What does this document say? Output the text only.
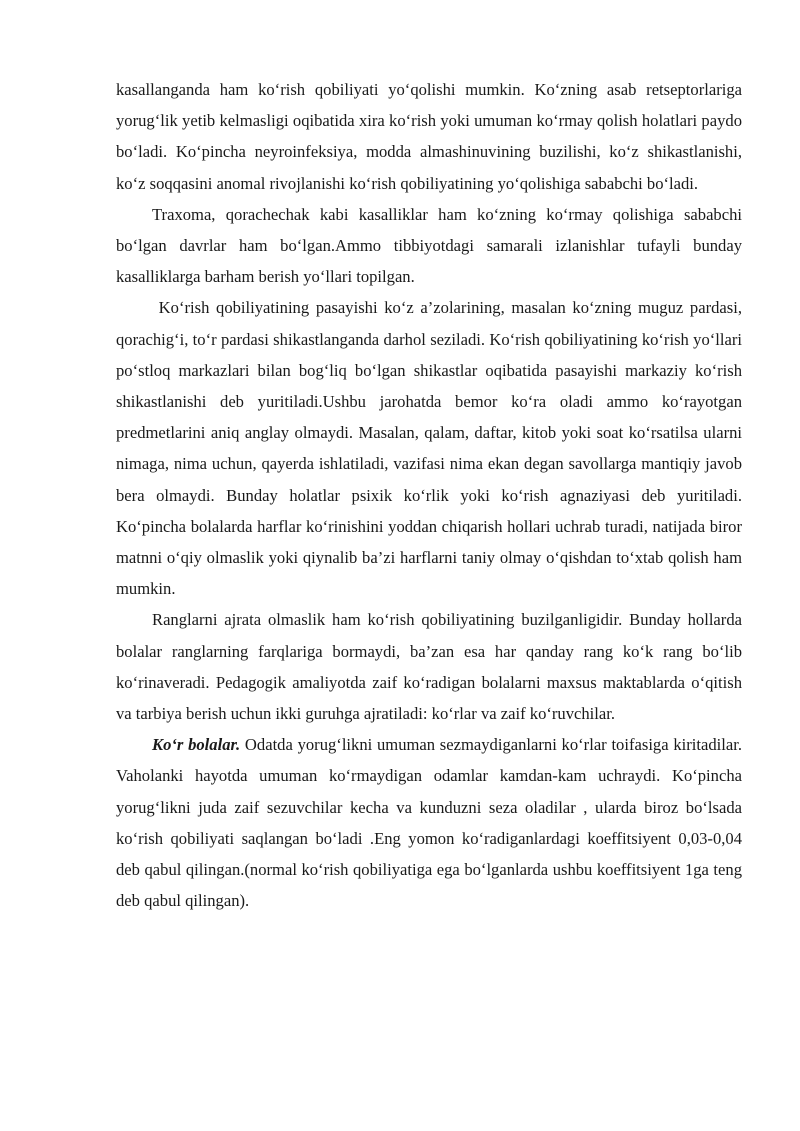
kasallanganda ham ko‘rish qobiliyati yo‘qolishi mumkin. Ko‘zning asab retseptorlariga yorug‘lik yetib kelmasligi oqibatida xira ko‘rish yoki umuman ko‘rmay qolish holatlari paydo bo‘ladi. Ko‘pincha neyroinfeksiya, modda almashinuvining buzilishi, ko‘z shikastlanishi, ko‘z soqqasini anomal rivojlanishi ko‘rish qobiliyatining yo‘qolishiga sababchi bo‘ladi.

Traxoma, qorachechak kabi kasalliklar ham ko‘zning ko‘rmay qolishiga sababchi bo‘lgan davrlar ham bo‘lgan.Ammo tibbiyotdagi samarali izlanishlar tufayli bunday kasalliklarga barham berish yo‘llari topilgan.

Ko‘rish qobiliyatining pasayishi ko‘z a’zolarining, masalan ko‘zning muguz pardasi, qorachig‘i, to‘r pardasi shikastlanganda darhol seziladi. Ko‘rish qobiliyatining ko‘rish yo‘llari po‘stloq markazlari bilan bog‘liq bo‘lgan shikastlar oqibatida pasayishi markaziy ko‘rish shikastlanishi deb yuritiladi.Ushbu jarohatda bemor ko‘ra oladi ammo ko‘rayotgan predmetlarini aniq anglay olmaydi. Masalan, qalam, daftar, kitob yoki soat ko‘rsatilsa ularni nimaga, nima uchun, qayerda ishlatiladi, vazifasi nima ekan degan savollarga mantiqiy javob bera olmaydi. Bunday holatlar psixik ko‘rlik yoki ko‘rish agnaziyasi deb yuritiladi. Ko‘pincha bolalarda harflar ko‘rinishini yoddan chiqarish hollari uchrab turadi, natijada biror matnni o‘qiy olmaslik yoki qiynalib ba’zi harflarni taniy olmay o‘qishdan to‘xtab qolish ham mumkin.

Ranglarni ajrata olmaslik ham ko‘rish qobiliyatining buzilganligidir. Bunday hollarda bolalar ranglarning farqlariga bormaydi, ba’zan esa har qanday rang ko‘k rang bo‘lib ko‘rinaveradi. Pedagogik amaliyotda zaif ko‘radigan bolalarni maxsus maktablarda o‘qitish va tarbiya berish uchun ikki guruhga ajratiladi: ko‘rlar va zaif ko‘ruvchilar.

Ko‘r bolalar. Odatda yorug‘likni umuman sezmaydiganlarni ko‘rlar toifasiga kiritadilar. Vaholanki hayotda umuman ko‘rmaydigan odamlar kamdan-kam uchraydi. Ko‘pincha yorug‘likni juda zaif sezuvchilar kecha va kunduzni seza oladilar , ularda biroz bo‘lsada ko‘rish qobiliyati saqlangan bo‘ladi .Eng yomon ko‘radiganlardagi koeffitsiyent 0,03-0,04 deb qabul qilingan.(normal ko‘rish qobiliyatiga ega bo‘lganlarda ushbu koeffitsiyent 1ga teng deb qabul qilingan).
